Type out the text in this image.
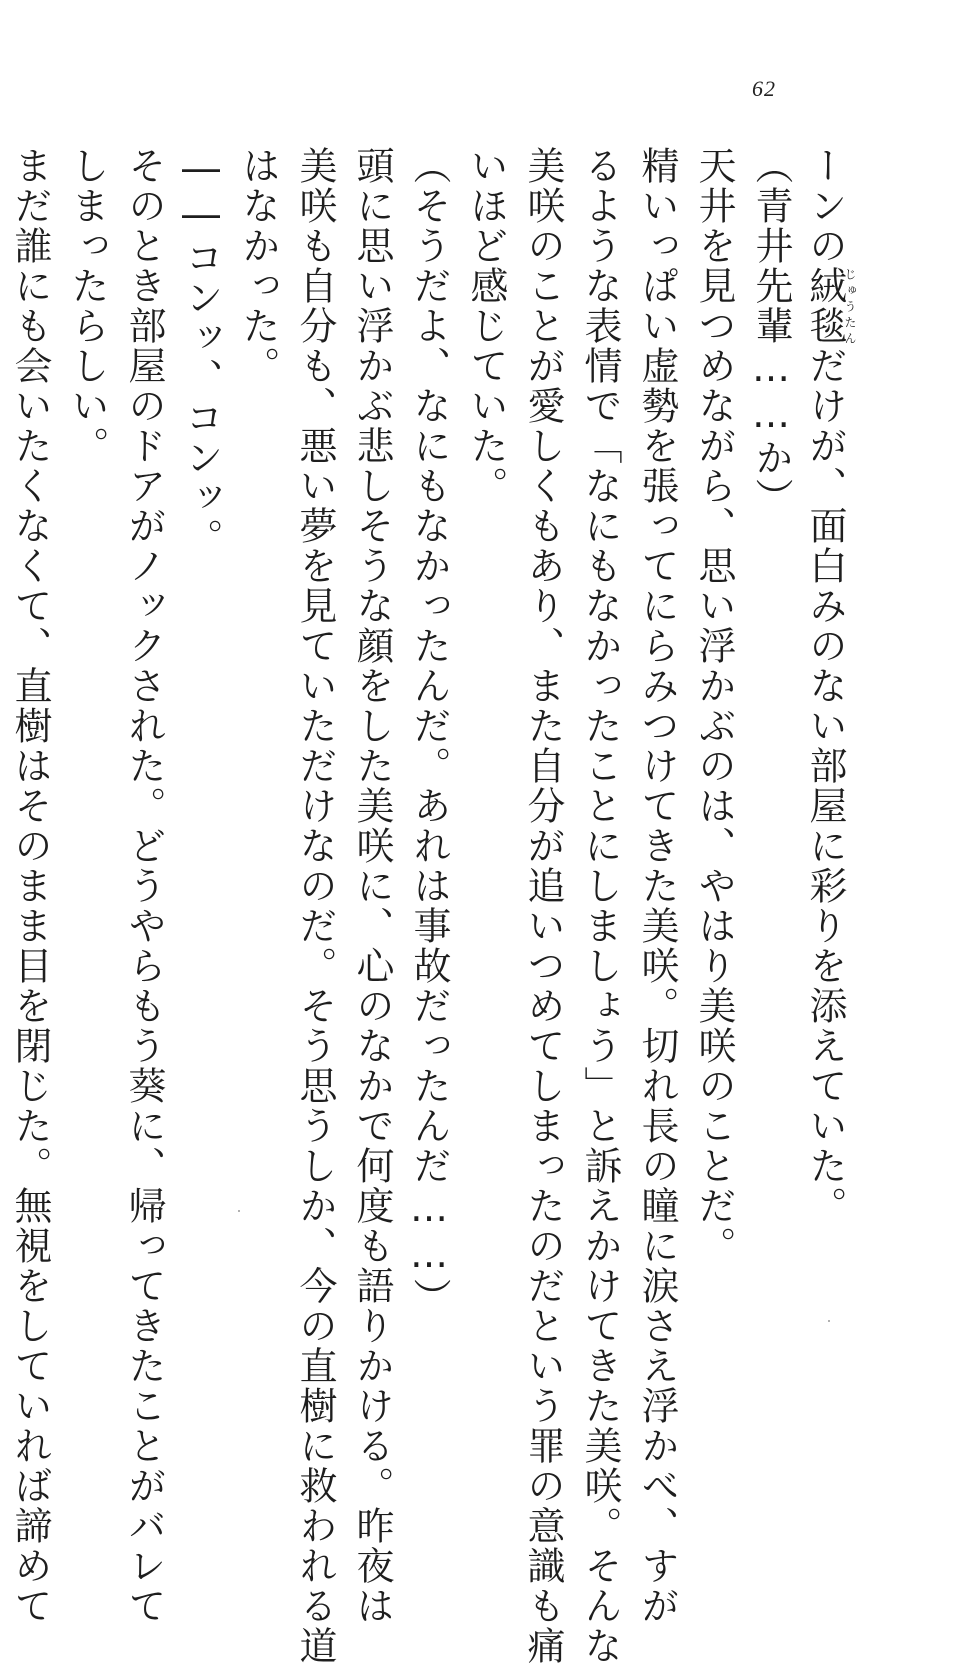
62
ーンの絨毯じゅうたんだけが、面白みのない部屋に彩りを添えていた。
（青井先輩……か）
天井を見つめながら、思い浮かぶのは、やはり美咲のことだ。
精いっぱい虚勢を張ってにらみつけてきた美咲。切れ長の瞳に涙さえ浮かべ、すが
るような表情で「なにもなかったことにしましょう」と訴えかけてきた美咲。そんな
美咲のことが愛しくもあり、また自分が追いつめてしまったのだという罪の意識も痛
いほど感じていた。
（そうだよ、なにもなかったんだ。あれは事故だったんだ……）
頭に思い浮かぶ悲しそうな顔をした美咲に、心のなかで何度も語りかける。昨夜は
美咲も自分も、悪い夢を見ていただけなのだ。そう思うしか、今の直樹に救われる道
はなかった。
――コンッ、コンッ。
そのとき部屋のドアがノックされた。どうやらもう葵に、帰ってきたことがバレて
しまったらしい。
まだ誰にも会いたくなくて、直樹はそのまま目を閉じた。無視をしていれば諦めて
